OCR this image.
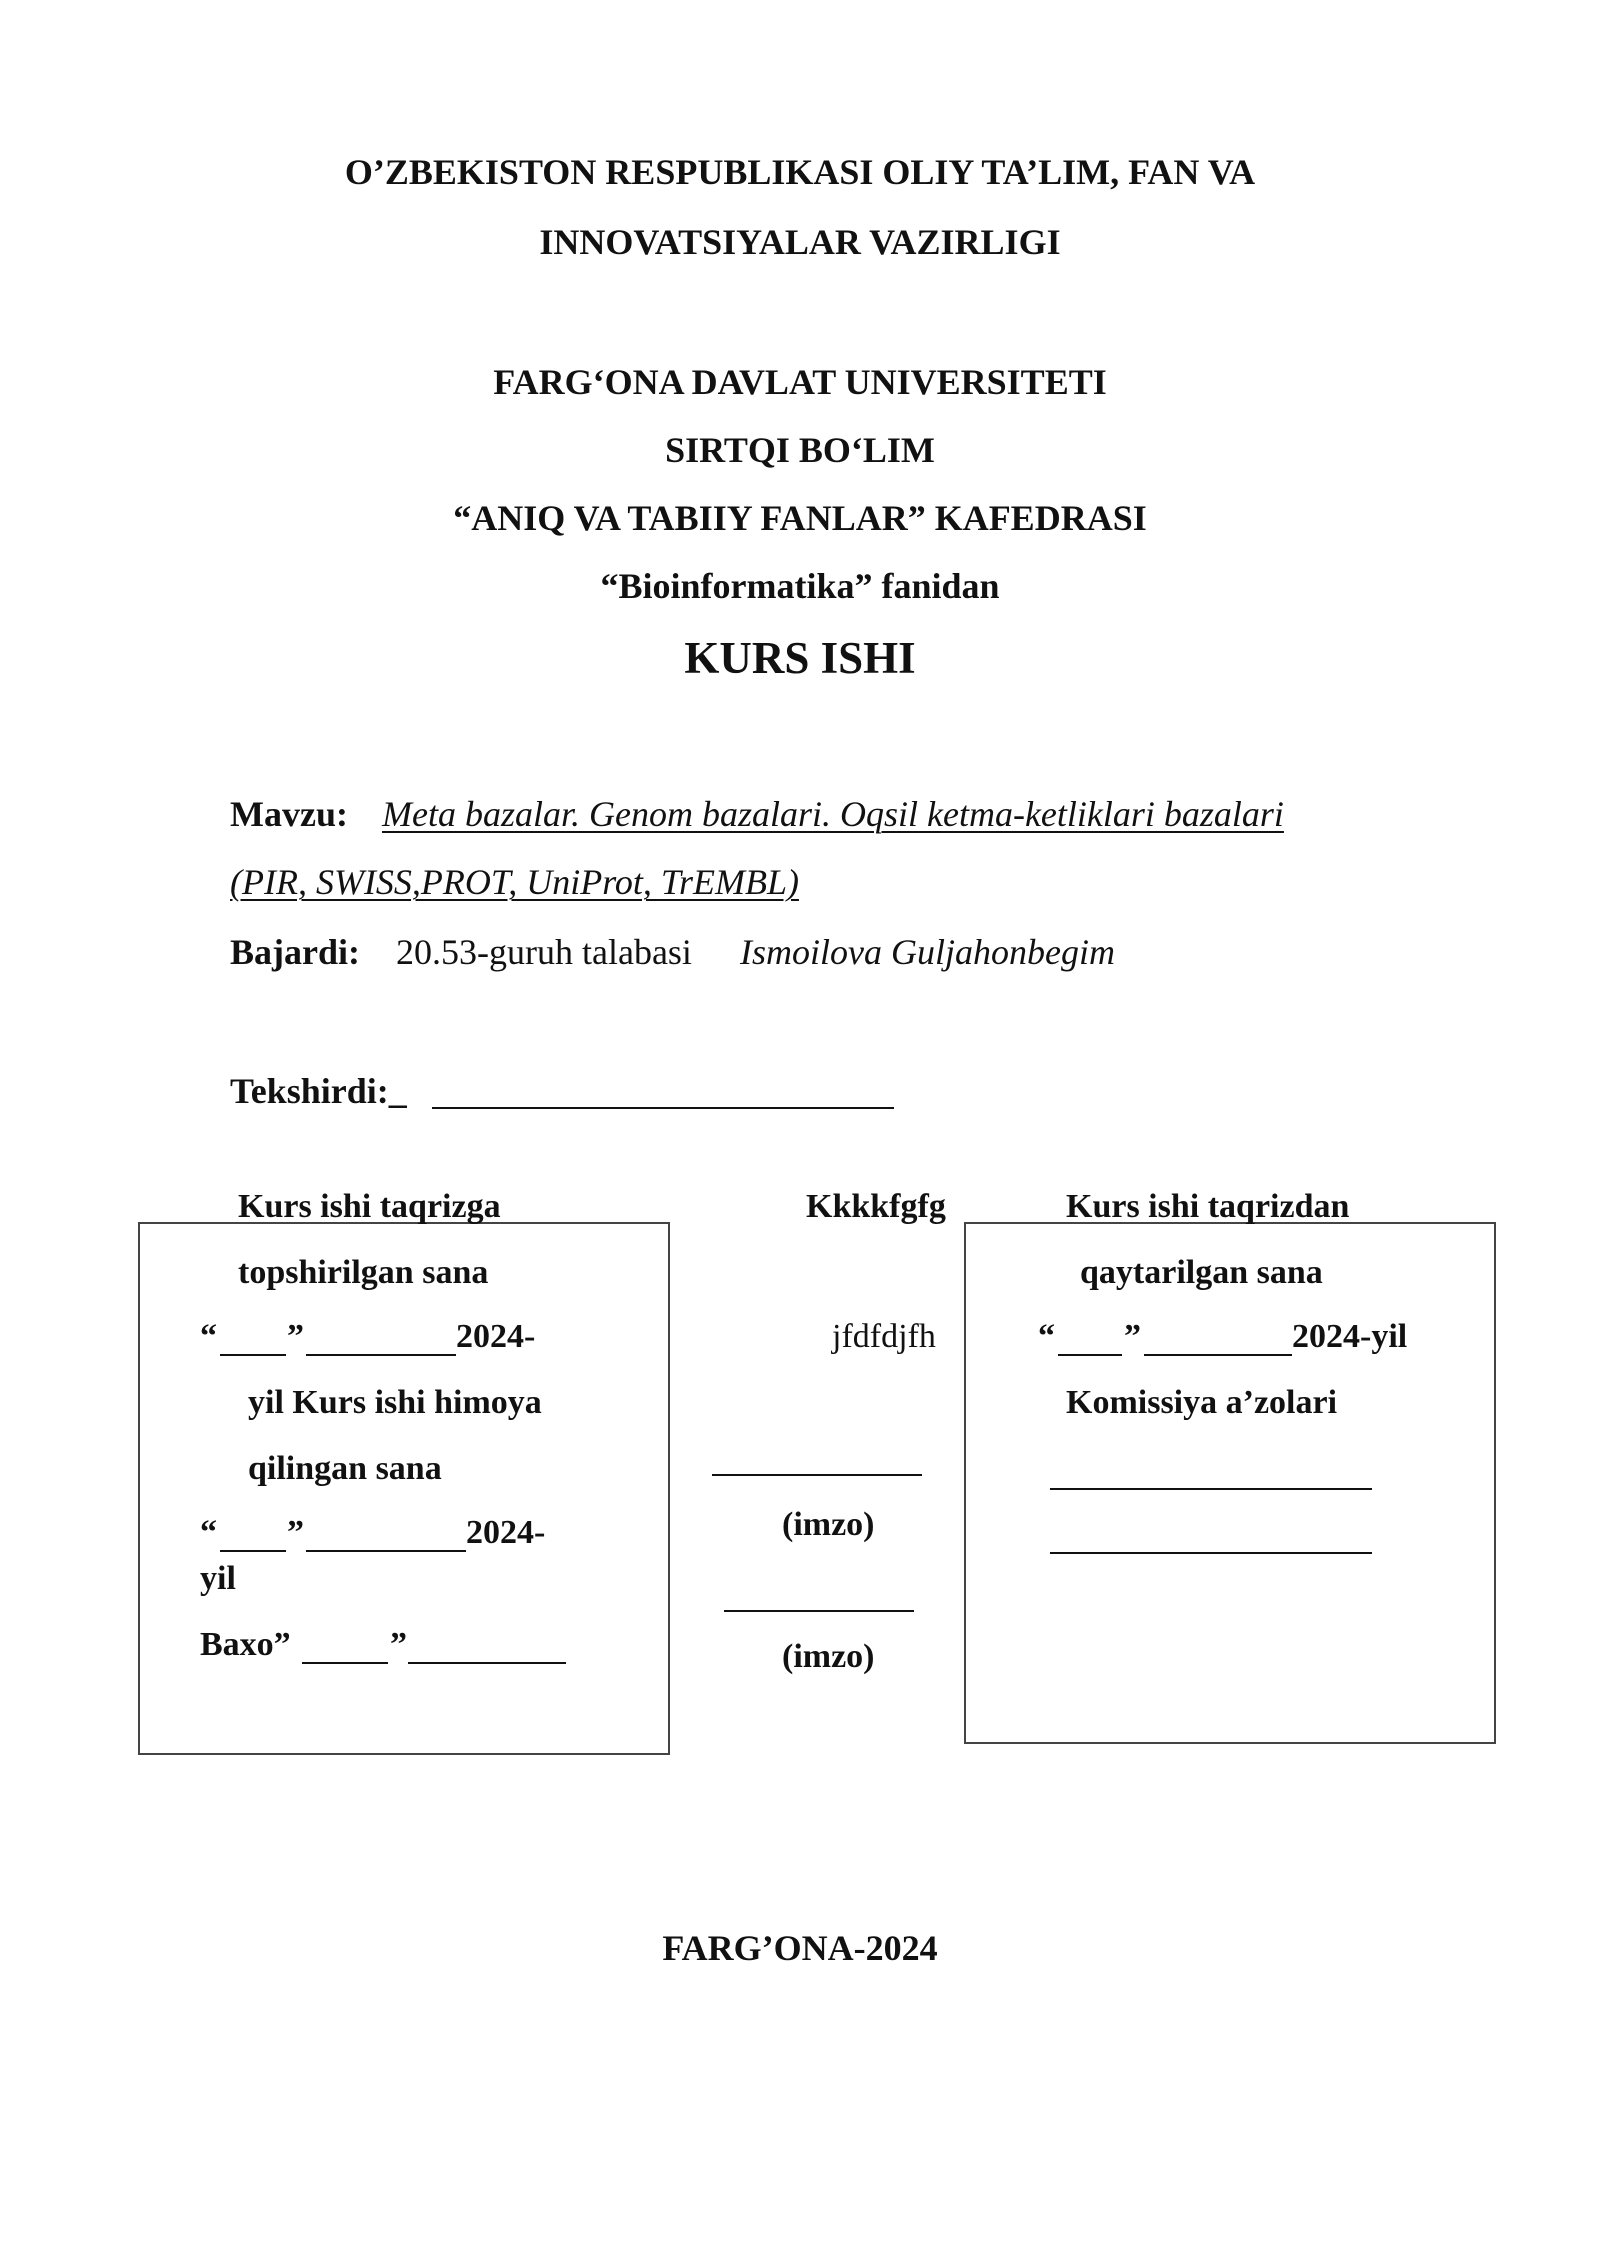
O’ZBEKISTON RESPUBLIKASI OLIY TA’LIM, FAN VA
INNOVATSIYALAR VAZIRLIGI
FARG‘ONA DAVLAT UNIVERSITETI
SIRTQI BO‘LIM
“ANIQ VA TABIIY FANLAR” KAFEDRASI
“Bioinformatika” fanidan
KURS ISHI
Mavzu: Meta bazalar. Genom bazalari. Oqsil ketma-ketliklari bazalari
(PIR, SWISS,PROT, UniProt, TrEMBL)
Bajardi: 20.53-guruh talabasi Ismoilova Guljahonbegim
Tekshirdi:_
Kurs ishi taqrizga
topshirilgan sana
“ ”	2024-
yil Kurs ishi himoya
qilingan sana
“ ”	2024-
yil
Baxo”	”
Kkkkfgfg
jfdfdjfh
(imzo)
(imzo)
Kurs ishi taqrizdan
qaytarilgan sana
“ ”	2024-yil
Komissiya a’zolari
FARG’ONA-2024
